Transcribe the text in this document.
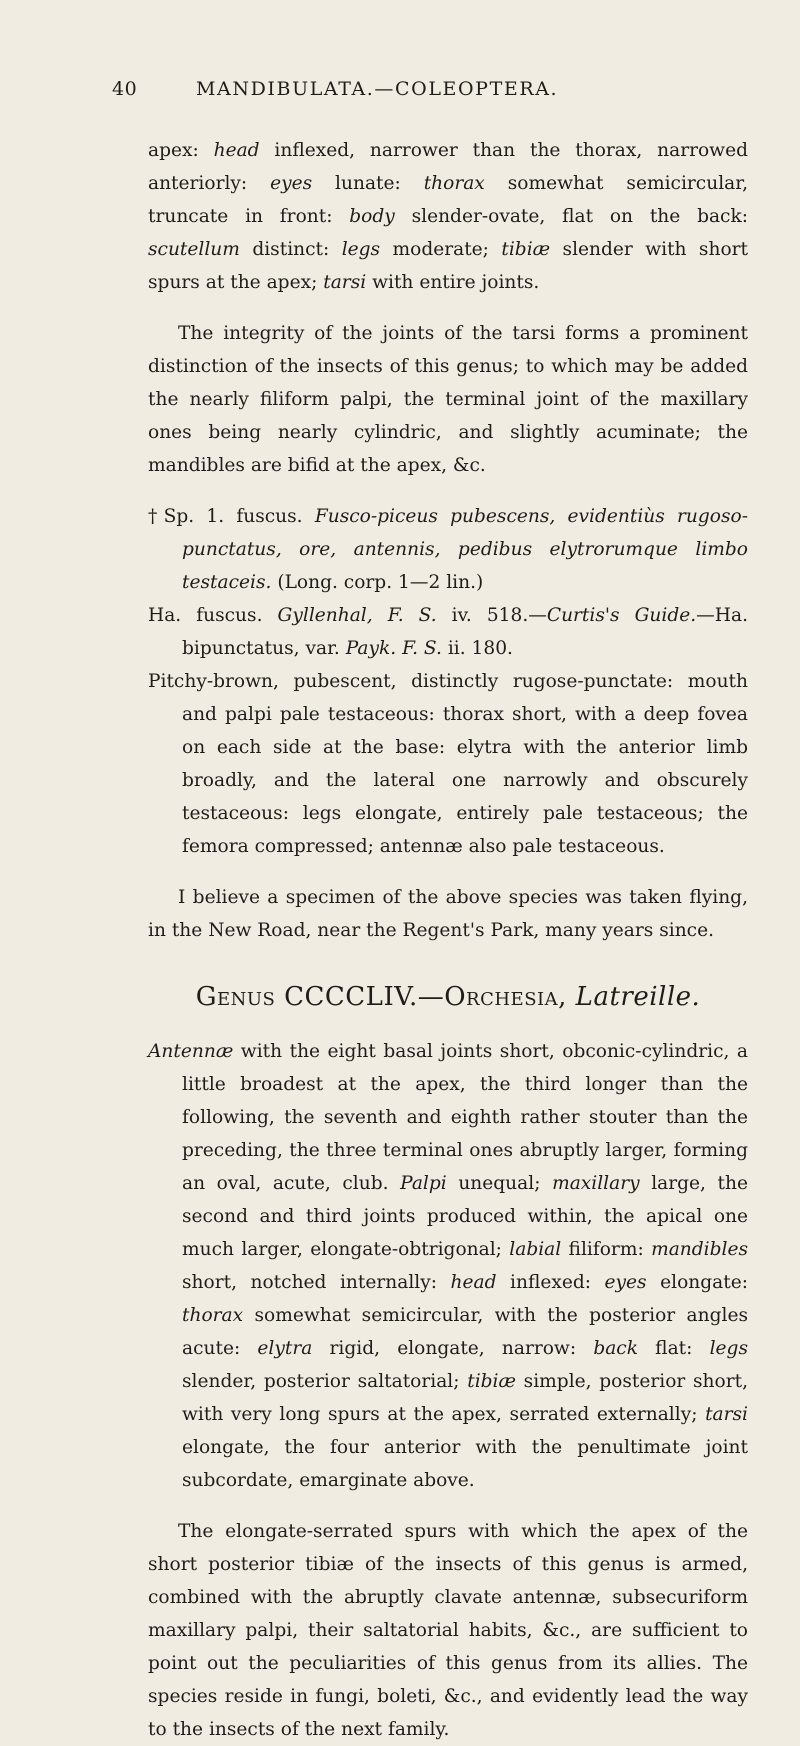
40	MANDIBULATA.—COLEOPTERA.

apex: head inflexed, narrower than the thorax, narrowed anteriorly: eyes lunate: thorax somewhat semicircular, truncate in front: body slender-ovate, flat on the back: scutellum distinct: legs moderate; tibiæ slender with short spurs at the apex; tarsi with entire joints.

The integrity of the joints of the tarsi forms a prominent distinction of the insects of this genus; to which may be added the nearly filiform palpi, the terminal joint of the maxillary ones being nearly cylindric, and slightly acuminate; the mandibles are bifid at the apex, &c.

†Sp. 1. fuscus. Fusco-piceus pubescens, evidentiùs rugoso-punctatus, ore, antennis, pedibus elytrorumque limbo testaceis. (Long. corp. 1—2 lin.)

Ha. fuscus. Gyllenhal, F. S. iv. 518.—Curtis's Guide.—Ha. bipunctatus, var. Payk. F. S. ii. 180.

Pitchy-brown, pubescent, distinctly rugose-punctate: mouth and palpi pale testaceous: thorax short, with a deep fovea on each side at the base: elytra with the anterior limb broadly, and the lateral one narrowly and obscurely testaceous: legs elongate, entirely pale testaceous; the femora compressed; antennæ also pale testaceous.

I believe a specimen of the above species was taken flying, in the New Road, near the Regent's Park, many years since.

Genus CCCCLIV.—Orchesia, Latreille.

Antennæ with the eight basal joints short, obconic-cylindric, a little broadest at the apex, the third longer than the following, the seventh and eighth rather stouter than the preceding, the three terminal ones abruptly larger, forming an oval, acute, club. Palpi unequal; maxillary large, the second and third joints produced within, the apical one much larger, elongate-obtrigonal; labial filiform: mandibles short, notched internally: head inflexed: eyes elongate: thorax somewhat semicircular, with the posterior angles acute: elytra rigid, elongate, narrow: back flat: legs slender, posterior saltatorial; tibiæ simple, posterior short, with very long spurs at the apex, serrated externally; tarsi elongate, the four anterior with the penultimate joint subcordate, emarginate above.

The elongate-serrated spurs with which the apex of the short posterior tibiæ of the insects of this genus is armed, combined with the abruptly clavate antennæ, subsecuriform maxillary palpi, their saltatorial habits, &c., are sufficient to point out the peculiarities of this genus from its allies. The species reside in fungi, boleti, &c., and evidently lead the way to the insects of the next family.
